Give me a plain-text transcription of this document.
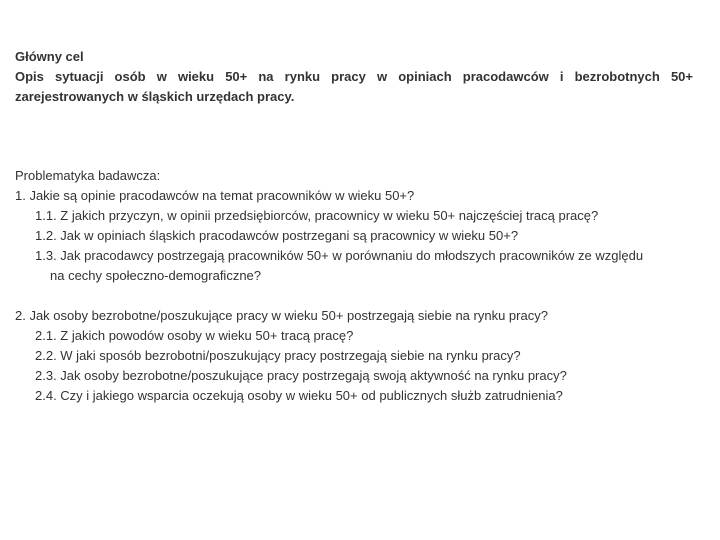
Główny cel
Opis sytuacji osób w wieku 50+ na rynku pracy w opiniach pracodawców i bezrobotnych 50+ zarejestrowanych w śląskich urzędach pracy.
Problematyka badawcza:
1. Jakie są opinie pracodawców na temat pracowników w wieku 50+?
1.1. Z jakich przyczyn, w opinii przedsiębiorców, pracownicy w wieku 50+ najczęściej tracą pracę?
1.2. Jak w opiniach śląskich pracodawców postrzegani są pracownicy w wieku 50+?
1.3. Jak pracodawcy postrzegają pracowników 50+ w porównaniu do młodszych pracowników ze względu
na cechy społeczno-demograficzne?
2. Jak osoby bezrobotne/poszukujące pracy w wieku 50+ postrzegają siebie na rynku pracy?
2.1. Z jakich powodów osoby w wieku 50+ tracą pracę?
2.2. W jaki sposób bezrobotni/poszukujący pracy postrzegają siebie na rynku pracy?
2.3. Jak osoby bezrobotne/poszukujące pracy postrzegają swoją aktywność na rynku pracy?
2.4. Czy i jakiego wsparcia oczekują osoby w wieku 50+ od publicznych służb zatrudnienia?
